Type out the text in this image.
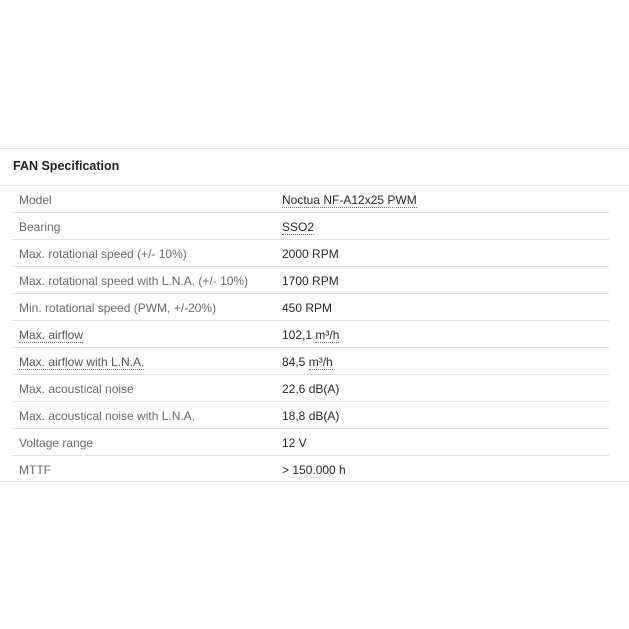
FAN Specification
Model	Noctua NF-A12x25 PWM
Bearing	SSO2
Max. rotational speed (+/- 10%)	2000 RPM
Max. rotational speed with L.N.A. (+/- 10%)	1700 RPM
Min. rotational speed (PWM, +/-20%)	450 RPM
Max. airflow	102,1 m³/h
Max. airflow with L.N.A.	84,5 m³/h
Max. acoustical noise	22,6 dB(A)
Max. acoustical noise with L.N.A.	18,8 dB(A)
Voltage range	12 V
MTTF	> 150.000 h
